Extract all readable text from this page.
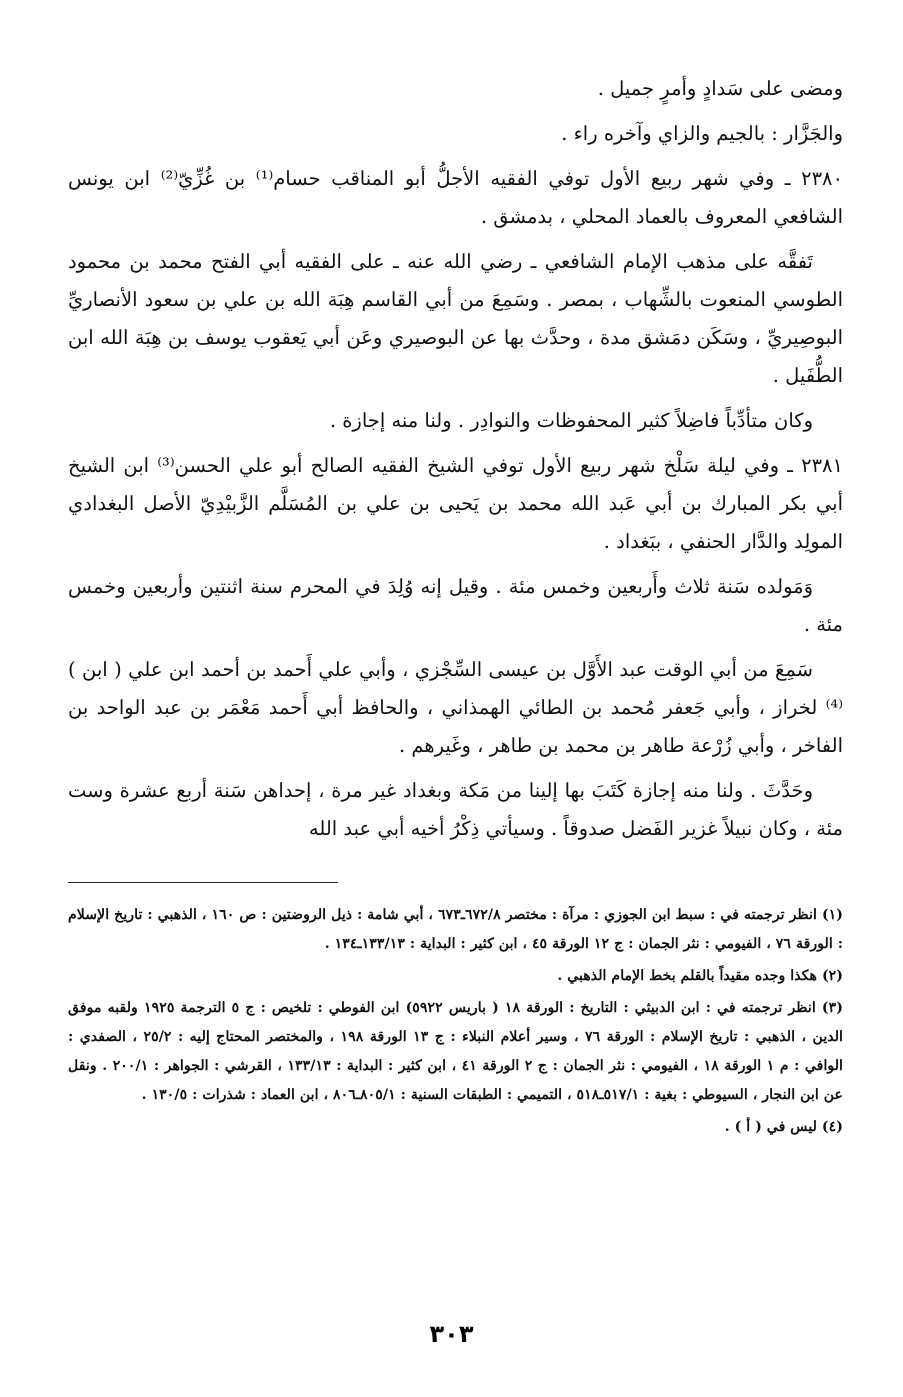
ومضى على سَدادٍ وأمرٍ جميل .

والجَزَّار : بالجيم والزاي وآخره راء .

٢٣٨٠ ـ وفي شهر ربيع الأول توفي الفقيه الأجلُّ أبو المناقب حسام⁽¹⁾ بن غُزِّيّ⁽²⁾ ابن يونس الشافعي المعروف بالعماد المحلي ، بدمشق .

تَفقَّه على مذهب الإمام الشافعي ـ رضي الله عنه ـ على الفقيه أبي الفتح محمد بن محمود الطوسي المنعوت بالشِّهاب ، بمصر . وسَمِعَ من أبي القاسم هِبَة الله بن علي بن سعود الأنصاريِّ البوصِيريِّ ، وسَكَن دمَشق مدة ، وحدَّث بها عن البوصيري وعَن أبي يَعقوب يوسف بن هِبَة الله ابن الطُّفَيل .

وكان متأدِّباً فاضِلاً كثير المحفوظات والنوادِر . ولنا منه إجازة .

٢٣٨١ ـ وفي ليلة سَلْخ شهر ربيع الأول توفي الشيخ الفقيه الصالح أبو علي الحسن⁽³⁾ ابن الشيخ أبي بكر المبارك بن أبي عَبد الله محمد بن يَحيى بن علي بن المُسَلَّم الزَّبيْدِيّ الأصل البغدادي المولِد والدَّار الحنفي ، ببَغداد .

وَمَولده سَنة ثلاث وأَربعين وخمس مئة . وقيل إنه وُلِدَ في المحرم سنة اثنتين وأربعين وخمس مئة .

سَمِعَ من أبي الوقت عبد الأَوَّل بن عيسى السِّجْزي ، وأبي علي أَحمد بن أحمد ابن علي ( ابن )⁽⁴⁾ لخراز ، وأبي جَعفر مُحمد بن الطائي الهمذاني ، والحافظ أبي أَحمد مَعْمَر بن عبد الواحد بن الفاخر ، وأبي زُرْعة طاهر بن محمد بن طاهر ، وغَيرهم .

وحَدَّثَ . ولنا منه إجازة كَتَبَ بها إلينا من مَكة وبغداد غير مرة ، إحداهن سَنة أربع عشرة وست مئة ، وكان نبيلاً غزير الفَضل صدوقاً . وسيأتي ذِكْرُ أخيه أبي عبد الله

(١) انظر ترجمته في : سبط ابن الجوزي : مرآة : مختصر ٦٧٢/٨ـ٦٧٣ ، أبي شامة : ذيل الروضتين : ص ١٦٠ ، الذهبي : تاريخ الإسلام : الورقة ٧٦ ، الفيومي : نثر الجمان : ج ١٢ الورقة ٤٥ ، ابن كثير : البداية : ١٣٣/١٣ـ١٣٤ .

(٢) هكذا وجده مقيداً بالقلم بخط الإمام الذهبي .

(٣) انظر ترجمته في : ابن الدبيثي : التاريخ : الورقة ١٨ ( باريس ٥٩٢٢) ابن الفوطي : تلخيص : ج ٥ الترجمة ١٩٢٥ ولقبه موفق الدين ، الذهبي : تاريخ الإسلام : الورقة ٧٦ ، وسير أعلام النبلاء : ج ١٣ الورقة ١٩٨ ، والمختصر المحتاج إليه : ٢٥/٢ ، الصفدي : الوافي : م ١ الورقة ١٨ ، الفيومي : نثر الجمان : ج ٢ الورقة ٤١ ، ابن كثير : البداية : ١٣٣/١٣ ، القرشي : الجواهر : ٢٠٠/١ . ونقل عن ابن النجار ، السيوطي : بغية : ٥١٧/١ـ٥١٨ ، التميمي : الطبقات السنية : ٨٠٥/١ـ٨٠٦ ، ابن العماد : شذرات : ١٣٠/٥ .

(٤) ليس في ( أ ) .

٣٠٣
